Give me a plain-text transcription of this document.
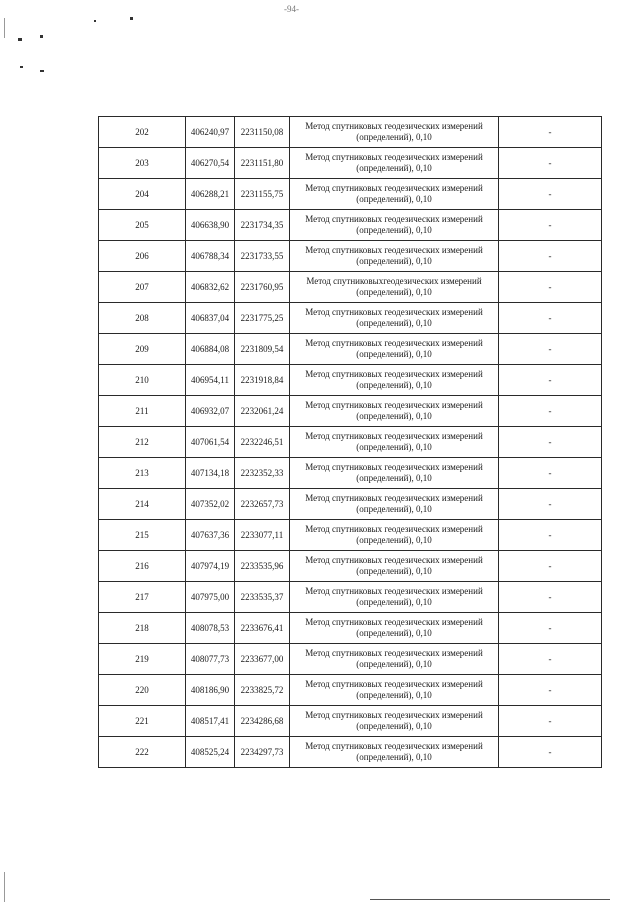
-94-
202	406240,97	2231150,08	Метод спутниковых геодезических измерений (определений), 0,10	-
203	406270,54	2231151,80	Метод спутниковых геодезических измерений (определений), 0,10	-
204	406288,21	2231155,75	Метод спутниковых геодезических измерений (определений), 0,10	-
205	406638,90	2231734,35	Метод спутниковых геодезических измерений (определений), 0,10	-
206	406788,34	2231733,55	Метод спутниковых геодезических измерений (определений), 0,10	-
207	406832,62	2231760,95	Метод спутниковыхгеодезических измерений (определений), 0,10	-
208	406837,04	2231775,25	Метод спутниковых геодезических измерений (определений), 0,10	-
209	406884,08	2231809,54	Метод спутниковых геодезических измерений (определений), 0,10	-
210	406954,11	2231918,84	Метод спутниковых геодезических измерений (определений), 0,10	-
211	406932,07	2232061,24	Метод спутниковых геодезических измерений (определений), 0,10	-
212	407061,54	2232246,51	Метод спутниковых геодезических измерений (определений), 0,10	-
213	407134,18	2232352,33	Метод спутниковых геодезических измерений (определений), 0,10	-
214	407352,02	2232657,73	Метод спутниковых геодезических измерений (определений), 0,10	-
215	407637,36	2233077,11	Метод спутниковых геодезических измерений (определений), 0,10	-
216	407974,19	2233535,96	Метод спутниковых геодезических измерений (определений), 0,10	-
217	407975,00	2233535,37	Метод спутниковых геодезических измерений (определений), 0,10	-
218	408078,53	2233676,41	Метод спутниковых геодезических измерений (определений), 0,10	-
219	408077,73	2233677,00	Метод спутниковых геодезических измерений (определений), 0,10	-
220	408186,90	2233825,72	Метод спутниковых геодезических измерений (определений), 0,10	-
221	408517,41	2234286,68	Метод спутниковых геодезических измерений (определений), 0,10	-
222	408525,24	2234297,73	Метод спутниковых геодезических измерений (определений), 0,10	-
